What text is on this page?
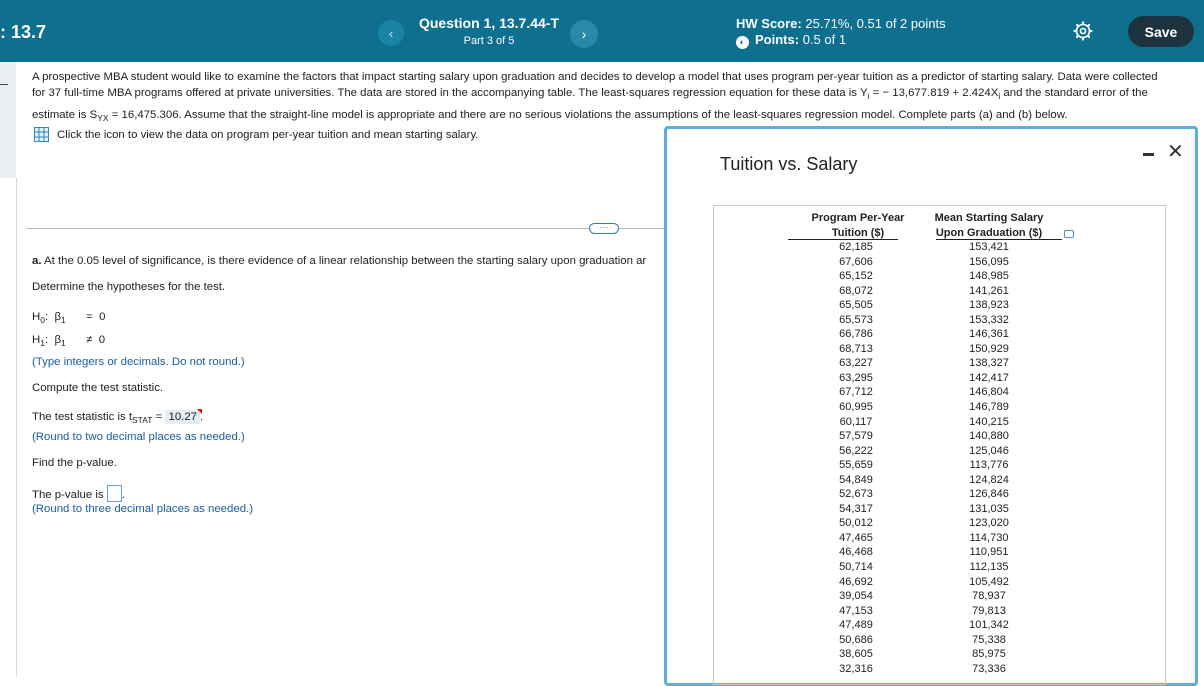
: 13.7	‹
Question 1, 13.7.44-T
Part 3 of 5	›
HW Score: 25.71%, 0.51 of 2 points
◐ Points: 0.5 of 1	Save
A prospective MBA student would like to examine the factors that impact starting salary upon graduation and decides to develop a model that uses program per-year tuition as a predictor of starting salary. Data were collected
for 37 full-time MBA programs offered at private universities. The data are stored in the accompanying table. The least-squares regression equation for these data is $Y_i$ = − $13,677.819 + 2.424X_i$ and the standard error of the
estimate is $S_{YX} = 16,475.306$. Assume that the straight-line model is appropriate and there are no serious violations the assumptions of the least-squares regression model. Complete parts (a) and (b) below.
Click the icon to view the data on program per-year tuition and mean starting salary.
···
a. At the 0.05 level of significance, is there evidence of a linear relationship between the starting salary upon graduation ar
Determine the hypotheses for the test.
$H_0$:  $\beta_1 = 0$
$H_1$:  $\beta_1 \ne 0$
(Type integers or decimals. Do not round.)
Compute the test statistic.
The test statistic is $t_{STAT} = 10.27$ .
(Round to two decimal places as needed.)
Find the p-value.
The p-value is .
(Round to three decimal places as needed.)
Tuition vs. Salary
✕
Program Per-Year
Tuition ($)
Mean Starting Salary
Upon Graduation ($)
62,185	153,421
67,606	156,095
65,152	148,985
68,072	141,261
65,505	138,923
65,573	153,332
66,786	146,361
68,713	150,929
63,227	138,327
63,295	142,417
67,712	146,804
60,995	146,789
60,117	140,215
57,579	140,880
56,222	125,046
55,659	113,776
54,849	124,824
52,673	126,846
54,317	131,035
50,012	123,020
47,465	114,730
46,468	110,951
50,714	112,135
46,692	105,492
39,054	78,937
47,153	79,813
47,489	101,342
50,686	75,338
38,605	85,975
32,316	73,336
